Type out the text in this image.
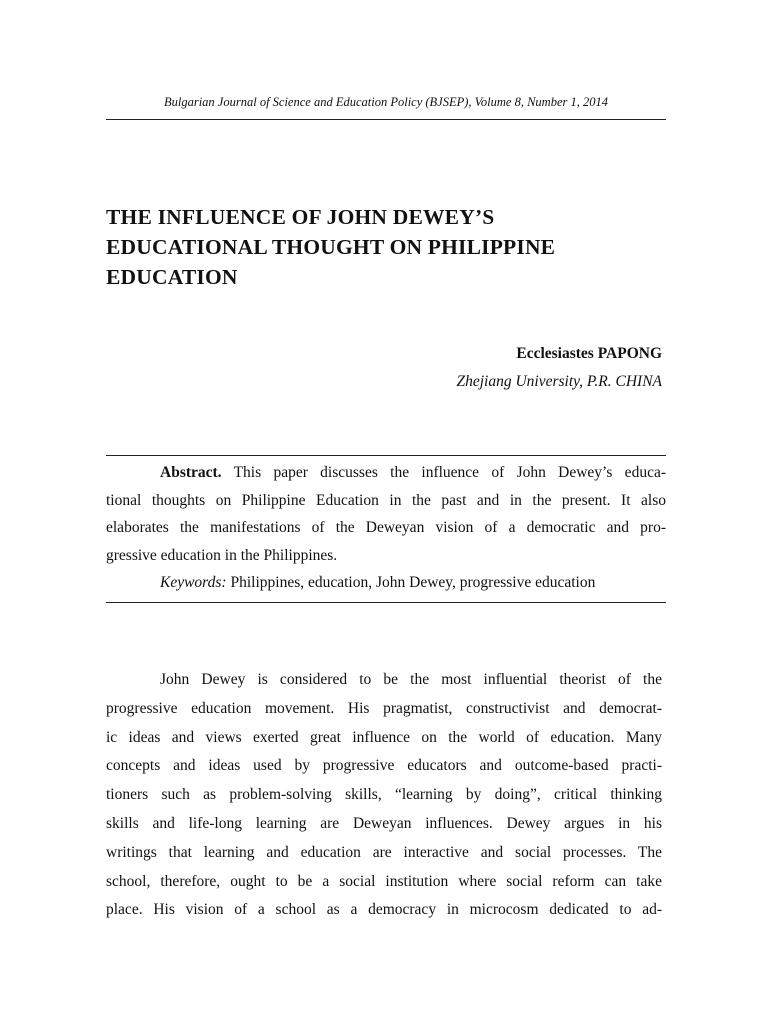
Bulgarian Journal of Science and Education Policy (BJSEP), Volume 8, Number 1, 2014
THE INFLUENCE OF JOHN DEWEY’S
EDUCATIONAL THOUGHT ON PHILIPPINE
EDUCATION
Ecclesiastes PAPONG
Zhejiang University, P.R. CHINA
Abstract. This paper discusses the influence of John Dewey’s educa-
tional thoughts on Philippine Education in the past and in the present. It also
elaborates the manifestations of the Deweyan vision of a democratic and pro-
gressive education in the Philippines.
Keywords: Philippines, education, John Dewey, progressive education
John Dewey is considered to be the most influential theorist of the
progressive education movement. His pragmatist, constructivist and democrat-
ic ideas and views exerted great influence on the world of education. Many
concepts and ideas used by progressive educators and outcome-based practi-
tioners such as problem-solving skills, “learning by doing”, critical thinking
skills and life-long learning are Deweyan influences. Dewey argues in his
writings that learning and education are interactive and social processes. The
school, therefore, ought to be a social institution where social reform can take
place. His vision of a school as a democracy in microcosm dedicated to ad-
